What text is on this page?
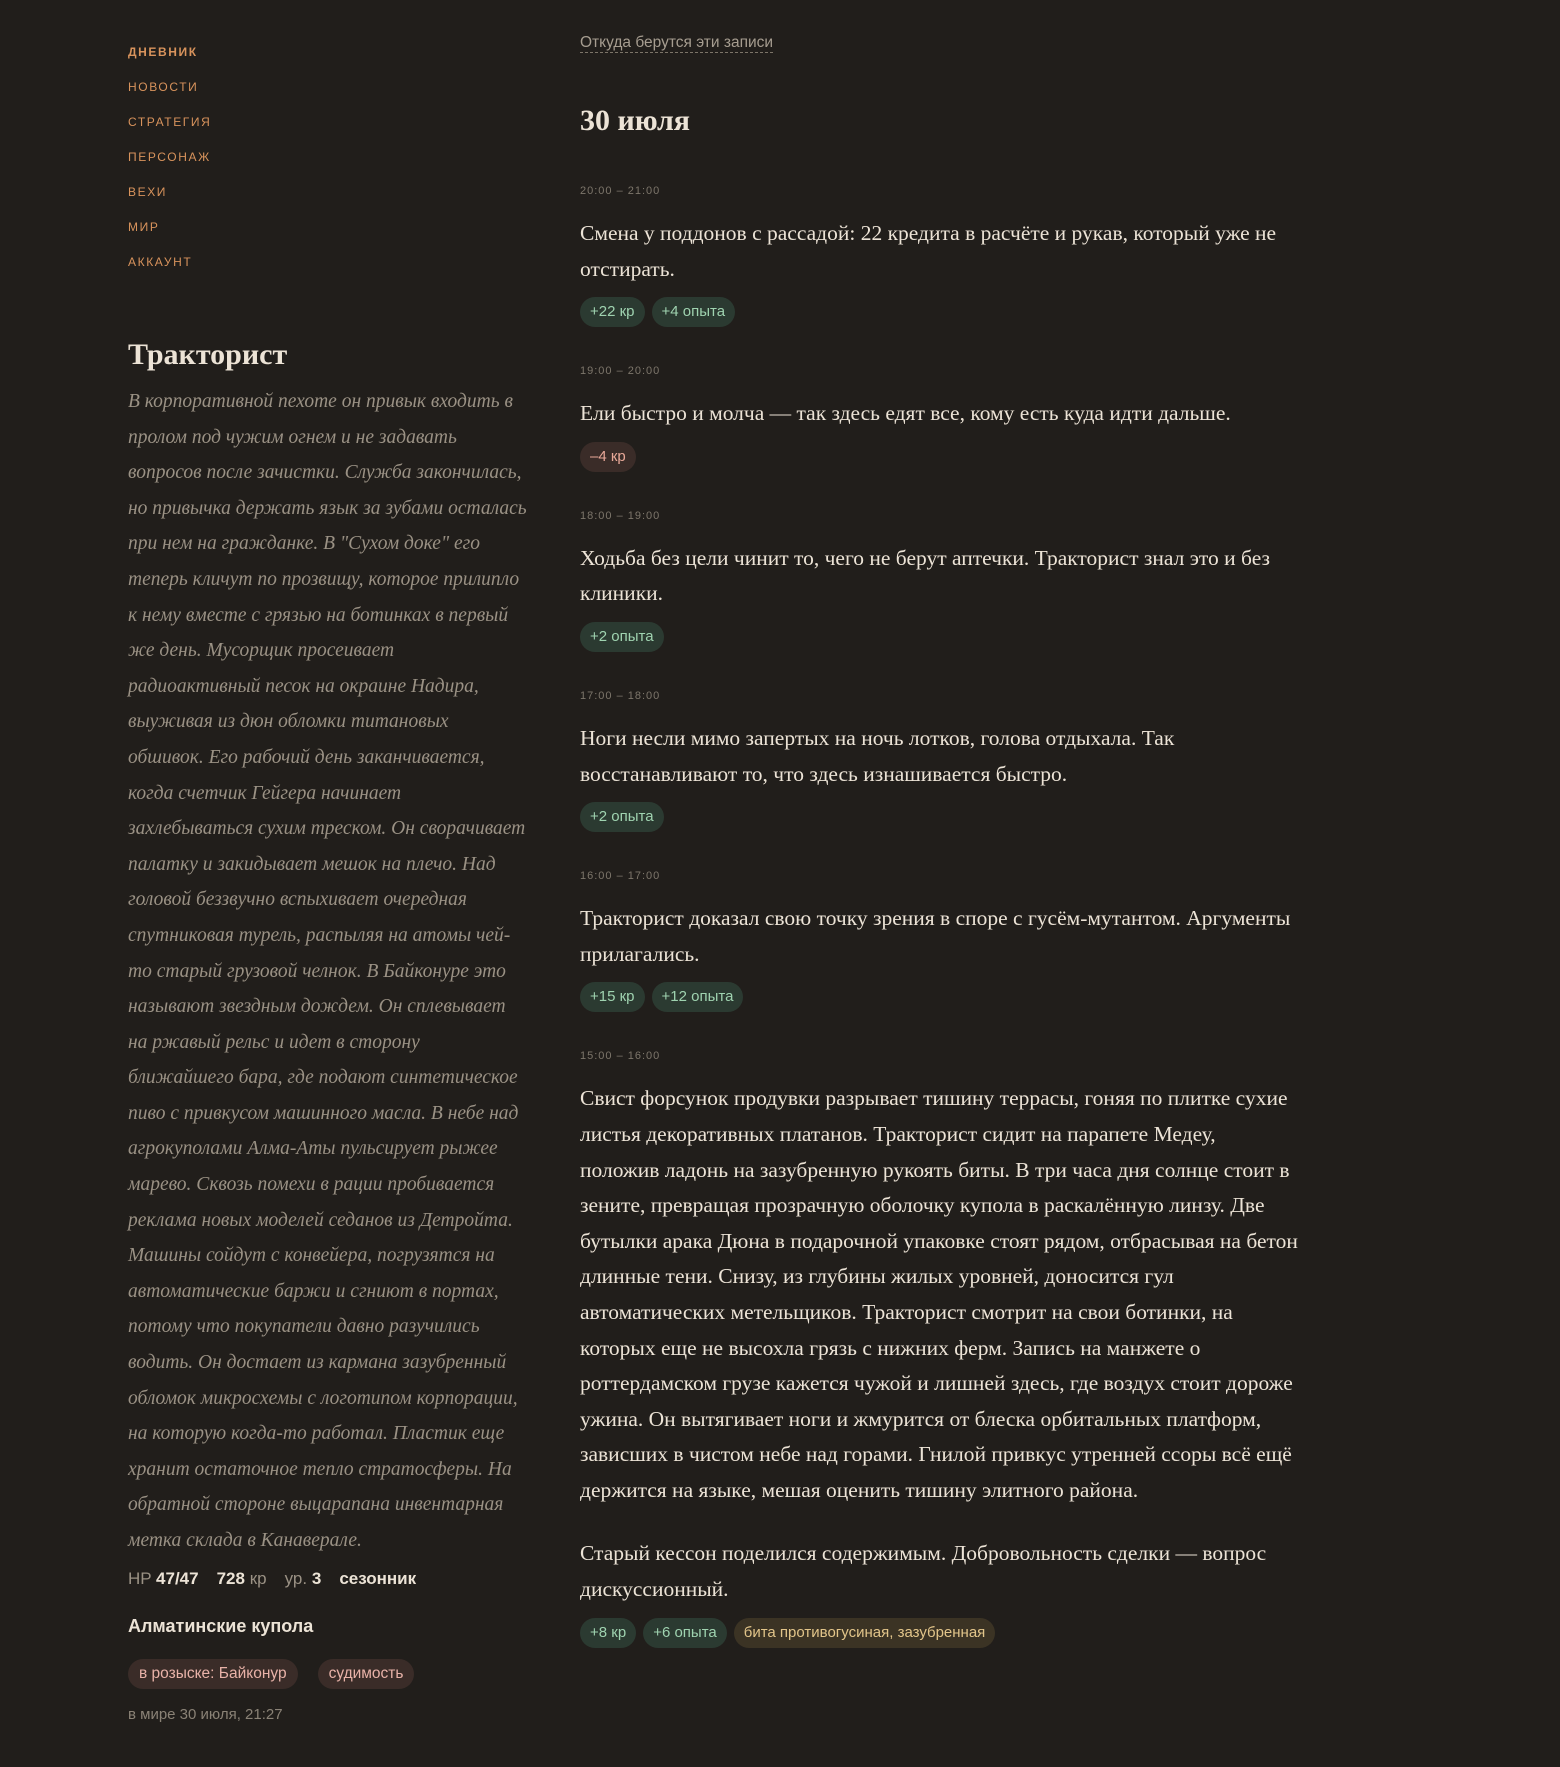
ДНЕВНИК
НОВОСТИ
СТРАТЕГИЯ
ПЕРСОНАЖ
ВЕХИ
МИР
АККАУНТ
Тракторист

В корпоративной пехоте он привык входить в пролом под чужим огнем и не задавать вопросов после зачистки. Служба закончилась, но привычка держать язык за зубами осталась при нем на гражданке. В "Сухом доке" его теперь кличут по прозвищу, которое прилипло к нему вместе с грязью на ботинках в первый же день. Мусорщик просеивает радиоактивный песок на окраине Надира, выуживая из дюн обломки титановых обшивок. Его рабочий день заканчивается, когда счетчик Гейгера начинает захлебываться сухим треском. Он сворачивает палатку и закидывает мешок на плечо. Над головой беззвучно вспыхивает очередная спутниковая турель, распыляя на атомы чей-то старый грузовой челнок. В Байконуре это называют звездным дождем. Он сплевывает на ржавый рельс и идет в сторону ближайшего бара, где подают синтетическое пиво с привкусом машинного масла. В небе над агрокуполами Алма-Аты пульсирует рыжее марево. Сквозь помехи в рации пробивается реклама новых моделей седанов из Детройта. Машины сойдут с конвейера, погрузятся на автоматические баржи и сгниют в портах, потому что покупатели давно разучились водить. Он достает из кармана зазубренный обломок микросхемы с логотипом корпорации, на которую когда-то работал. Пластик еще хранит остаточное тепло стратосферы. На обратной стороне выцарапана инвентарная метка склада в Канаверале.

HP 47/47 728 кр ур. 3 сезонник
Алматинские купола
в розыске: Байконур	судимость
в мире 30 июля, 21:27
Откуда берутся эти записи
30 июля
20:00 – 21:00

Смена у поддонов с рассадой: 22 кредита в расчёте и рукав, который уже не отстирать.

+22 кр	+4 опыта
19:00 – 20:00

Ели быстро и молча — так здесь едят все, кому есть куда идти дальше.

–4 кр
18:00 – 19:00

Ходьба без цели чинит то, чего не берут аптечки. Тракторист знал это и без клиники.

+2 опыта
17:00 – 18:00

Ноги несли мимо запертых на ночь лотков, голова отдыхала. Так восстанавливают то, что здесь изнашивается быстро.

+2 опыта
16:00 – 17:00

Тракторист доказал свою точку зрения в споре с гусём-мутантом. Аргументы прилагались.

+15 кр	+12 опыта
15:00 – 16:00

Свист форсунок продувки разрывает тишину террасы, гоняя по плитке сухие листья декоративных платанов. Тракторист сидит на парапете Медеу, положив ладонь на зазубренную рукоять биты. В три часа дня солнце стоит в зените, превращая прозрачную оболочку купола в раскалённую линзу. Две бутылки арака Дюна в подарочной упаковке стоят рядом, отбрасывая на бетон длинные тени. Снизу, из глубины жилых уровней, доносится гул автоматических метельщиков. Тракторист смотрит на свои ботинки, на которых еще не высохла грязь с нижних ферм. Запись на манжете о роттердамском грузе кажется чужой и лишней здесь, где воздух стоит дороже ужина. Он вытягивает ноги и жмурится от блеска орбитальных платформ, зависших в чистом небе над горами. Гнилой привкус утренней ссоры всё ещё держится на языке, мешая оценить тишину элитного района.

Старый кессон поделился содержимым. Добровольность сделки — вопрос дискуссионный.

+8 кр	+6 опыта	бита противогусиная, зазубренная
